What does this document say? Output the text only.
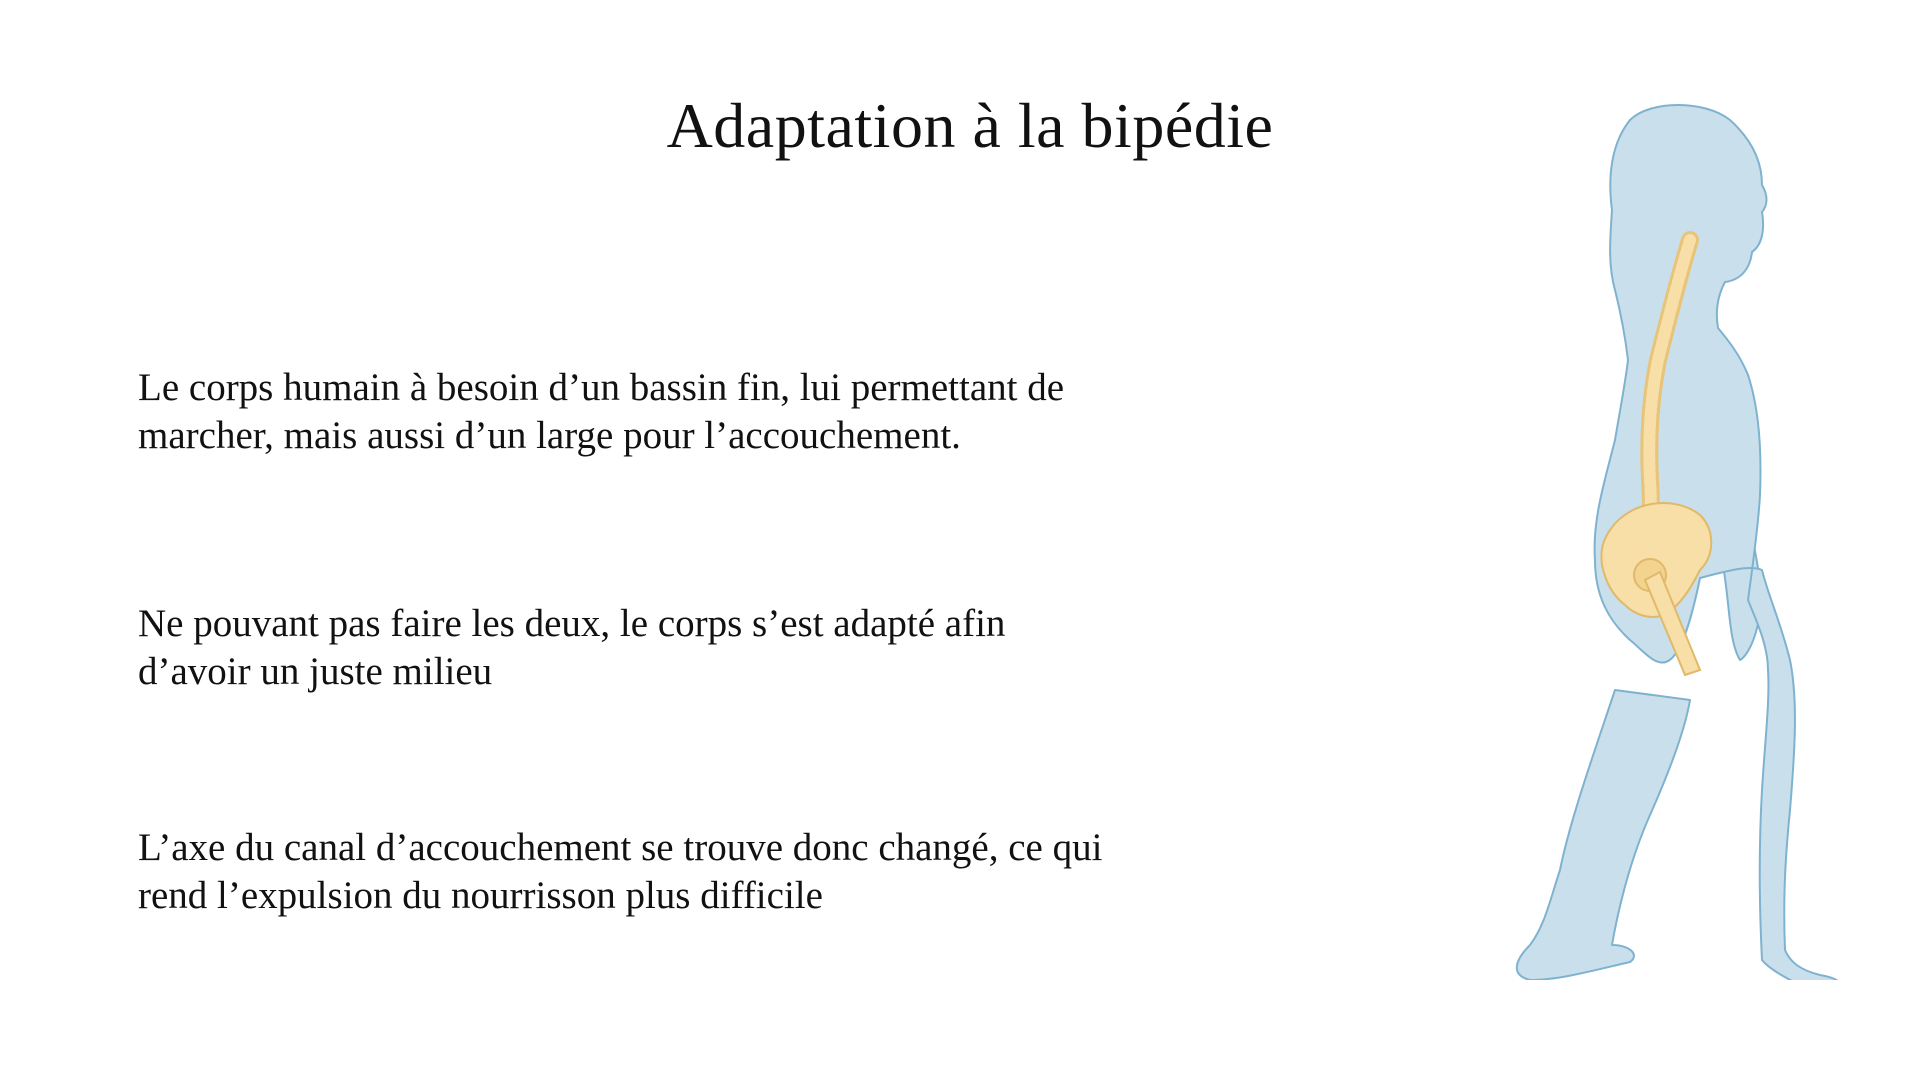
Adaptation à la bipédie

Le corps humain à besoin d’un bassin fin, lui permettant de
marcher, mais aussi d’un large pour l’accouchement.

Ne pouvant pas faire les deux, le corps s’est adapté afin
d’avoir un juste milieu

L’axe du canal d’accouchement se trouve donc changé, ce qui
rend l’expulsion du nourrisson plus difficile
